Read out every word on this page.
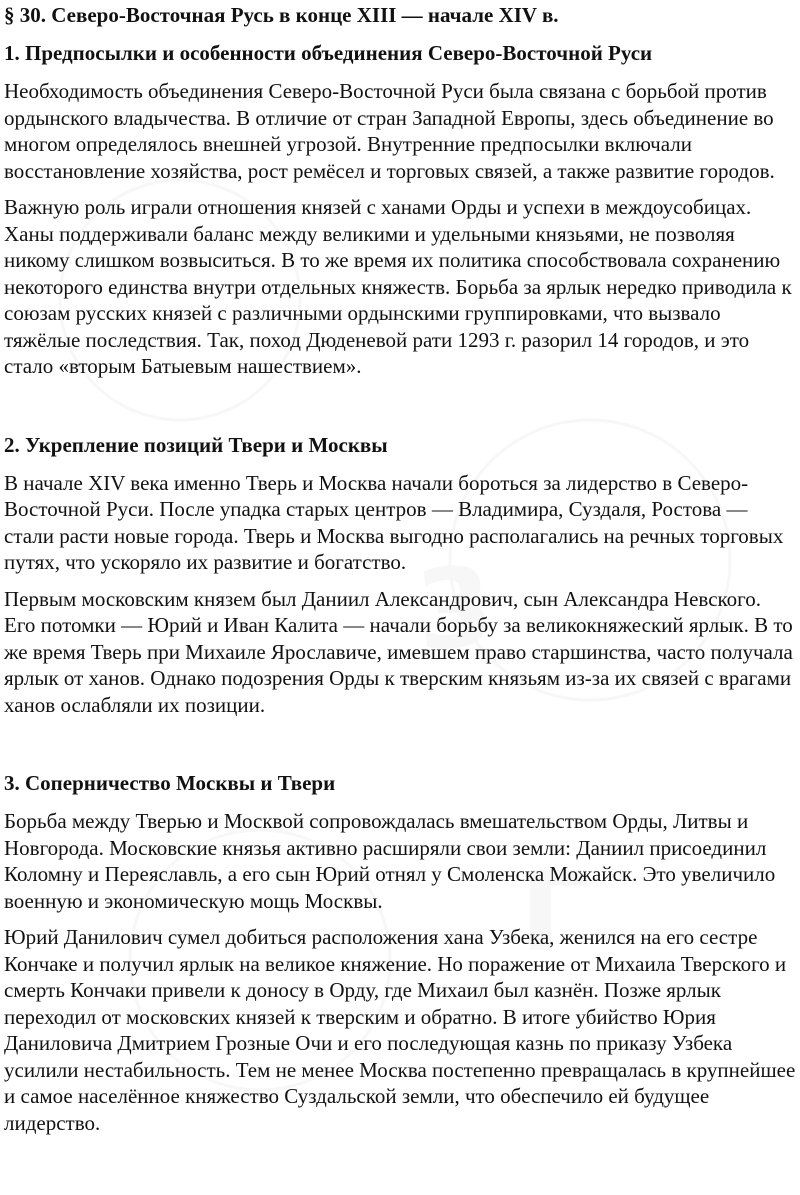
3
Г
§ 30. Северо-Восточная Русь в конце XIII — начале XIV в.
1. Предпосылки и особенности объединения Северо-Восточной Руси

Необходимость объединения Северо-Восточной Руси была связана с борьбой против ордынского владычества. В отличие от стран Западной Европы, здесь объединение во многом определялось внешней угрозой. Внутренние предпосылки включали восстановление хозяйства, рост ремёсел и торговых связей, а также развитие городов.

Важную роль играли отношения князей с ханами Орды и успехи в междоусобицах. Ханы поддерживали баланс между великими и удельными князьями, не позволяя никому слишком возвыситься. В то же время их политика способствовала сохранению некоторого единства внутри отдельных княжеств. Борьба за ярлык нередко приводила к союзам русских князей с различными ордынскими группировками, что вызвало тяжёлые последствия. Так, поход Дюденевой рати 1293 г. разорил 14 городов, и это стало «вторым Батыевым нашествием».

2. Укрепление позиций Твери и Москвы

В начале XIV века именно Тверь и Москва начали бороться за лидерство в Северо-Восточной Руси. После упадка старых центров — Владимира, Суздаля, Ростова — стали расти новые города. Тверь и Москва выгодно располагались на речных торговых путях, что ускоряло их развитие и богатство.

Первым московским князем был Даниил Александрович, сын Александра Невского. Его потомки — Юрий и Иван Калита — начали борьбу за великокняжеский ярлык. В то же время Тверь при Михаиле Ярославиче, имевшем право старшинства, часто получала ярлык от ханов. Однако подозрения Орды к тверским князьям из-за их связей с врагами ханов ослабляли их позиции.

3. Соперничество Москвы и Твери

Борьба между Тверью и Москвой сопровождалась вмешательством Орды, Литвы и Новгорода. Московские князья активно расширяли свои земли: Даниил присоединил Коломну и Переяславль, а его сын Юрий отнял у Смоленска Можайск. Это увеличило военную и экономическую мощь Москвы.

Юрий Данилович сумел добиться расположения хана Узбека, женился на его сестре Кончаке и получил ярлык на великое княжение. Но поражение от Михаила Тверского и смерть Кончаки привели к доносу в Орду, где Михаил был казнён. Позже ярлык переходил от московских князей к тверским и обратно. В итоге убийство Юрия Даниловича Дмитрием Грозные Очи и его последующая казнь по приказу Узбека усилили нестабильность. Тем не менее Москва постепенно превращалась в крупнейшее и самое населённое княжество Суздальской земли, что обеспечило ей будущее лидерство.
